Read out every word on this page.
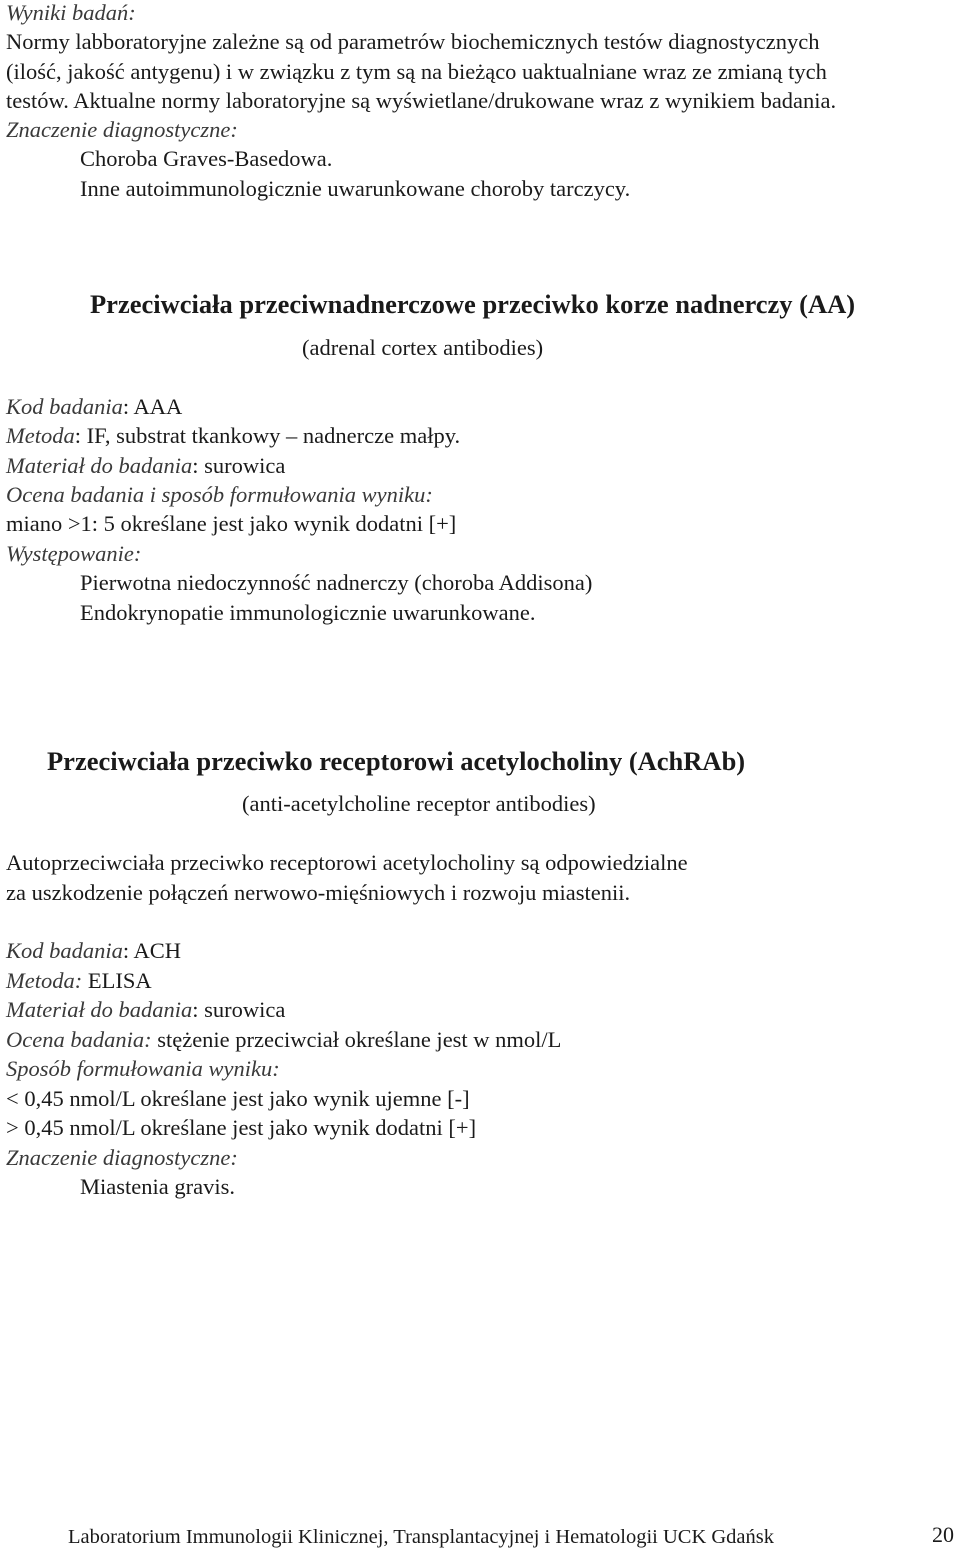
Wyniki badań:
Normy labboratoryjne zależne są od parametrów biochemicznych testów diagnostycznych
(ilość, jakość antygenu) i w związku z tym są na bieżąco uaktualniane wraz ze zmianą tych
testów. Aktualne normy laboratoryjne są wyświetlane/drukowane wraz z wynikiem badania.
Znaczenie diagnostyczne:
Choroba Graves-Basedowa.
Inne autoimmunologicznie uwarunkowane choroby tarczycy.
Przeciwciała przeciwnadnerczowe przeciwko korze nadnerczy (AA)
(adrenal cortex antibodies)
Kod badania: AAA
Metoda: IF, substrat tkankowy – nadnercze małpy.
Materiał do badania: surowica
Ocena badania i sposób formułowania wyniku:
miano >1: 5 określane jest jako wynik dodatni [+]
Występowanie:
Pierwotna niedoczynność nadnerczy (choroba Addisona)
Endokrynopatie immunologicznie uwarunkowane.
Przeciwciała przeciwko receptorowi acetylocholiny (AchRAb)
(anti-acetylcholine receptor antibodies)
Autoprzeciwciała przeciwko receptorowi acetylocholiny są odpowiedzialne
za uszkodzenie połączeń nerwowo-mięśniowych i rozwoju miastenii.
Kod badania: ACH
Metoda: ELISA
Materiał do badania: surowica
Ocena badania: stężenie przeciwciał określane jest w nmol/L
Sposób formułowania wyniku:
< 0,45 nmol/L określane jest jako wynik ujemne [-]
> 0,45 nmol/L określane jest jako wynik dodatni [+]
Znaczenie diagnostyczne:
Miastenia gravis.
Laboratorium Immunologii Klinicznej, Transplantacyjnej i Hematologii UCK Gdańsk	20
